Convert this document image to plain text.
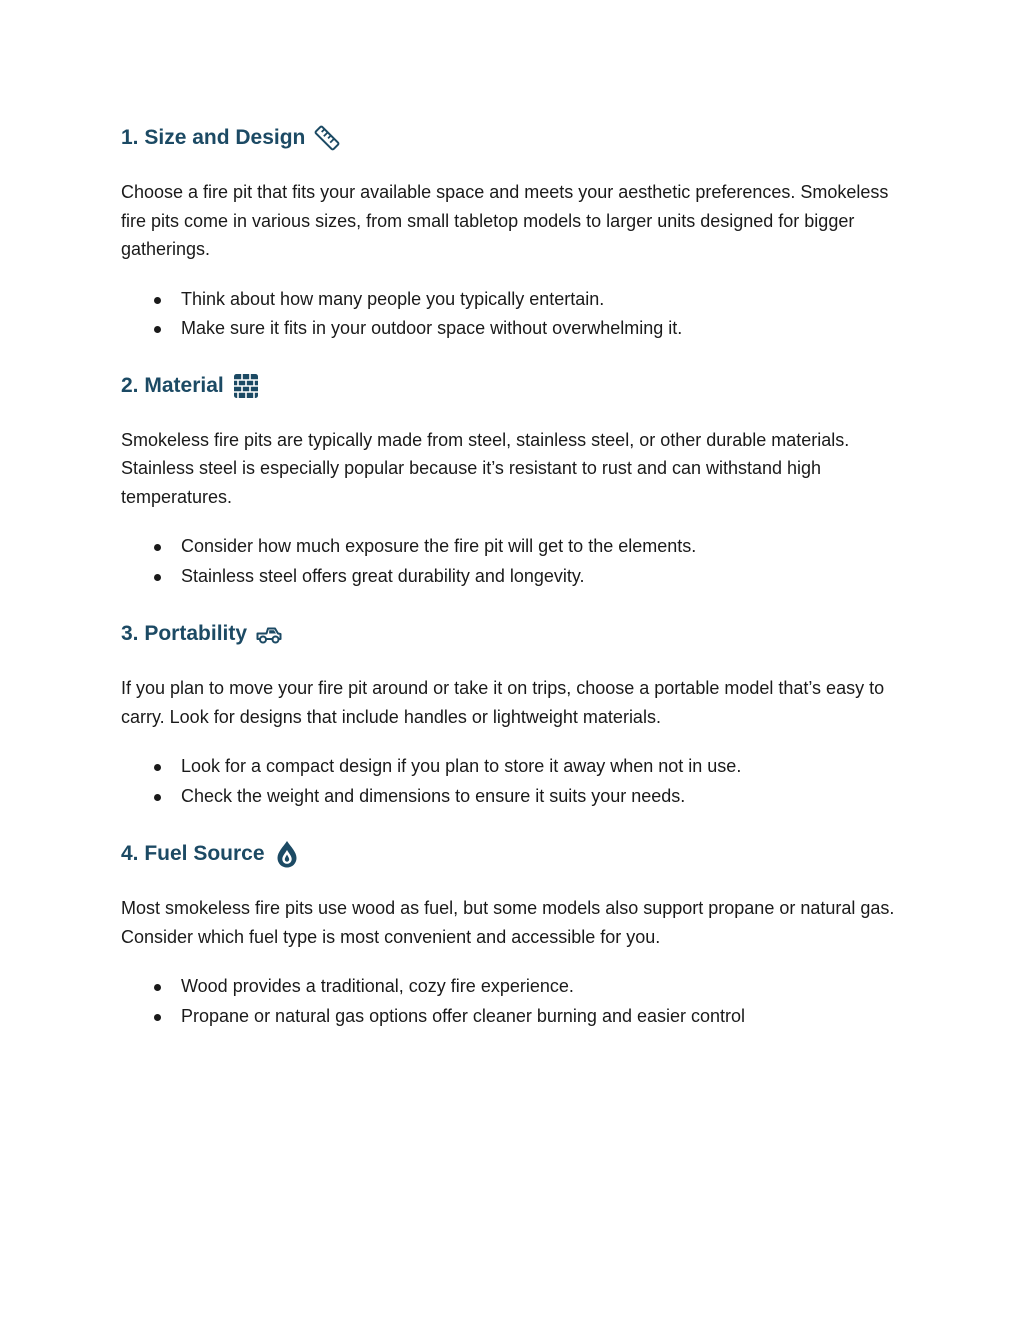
1. Size and Design

Choose a fire pit that fits your available space and meets your aesthetic preferences. Smokeless fire pits come in various sizes, from small tabletop models to larger units designed for bigger gatherings.

Think about how many people you typically entertain.
Make sure it fits in your outdoor space without overwhelming it.
2. Material

Smokeless fire pits are typically made from steel, stainless steel, or other durable materials. Stainless steel is especially popular because it’s resistant to rust and can withstand high temperatures.

Consider how much exposure the fire pit will get to the elements.
Stainless steel offers great durability and longevity.
3. Portability

If you plan to move your fire pit around or take it on trips, choose a portable model that’s easy to carry. Look for designs that include handles or lightweight materials.

Look for a compact design if you plan to store it away when not in use.
Check the weight and dimensions to ensure it suits your needs.
4. Fuel Source

Most smokeless fire pits use wood as fuel, but some models also support propane or natural gas. Consider which fuel type is most convenient and accessible for you.

Wood provides a traditional, cozy fire experience.
Propane or natural gas options offer cleaner burning and easier control
